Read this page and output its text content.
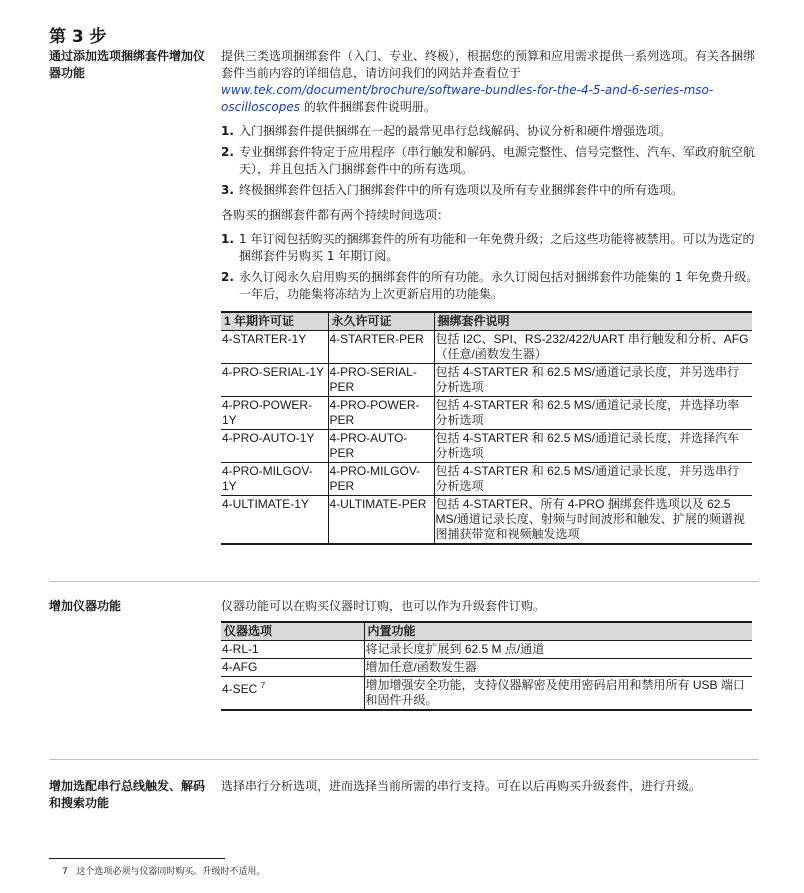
第 3 步
通过添加选项捆绑套件增加仪器功能

提供三类选项捆绑套件（入门、专业、终极），根据您的预算和应用需求提供一系列选项。有关各捆绑套件当前内容的详细信息，请访问我们的网站并查看位于 www.tek.com/document/brochure/software-bundles-for-the-4-5-and-6-series-mso-oscilloscopes 的软件捆绑套件说明册。

1. 入门捆绑套件提供捆绑在一起的最常见串行总线解码、协议分析和硬件增强选项。
2. 专业捆绑套件特定于应用程序（串行触发和解码、电源完整性、信号完整性、汽车、军政府航空航天），并且包括入门捆绑套件中的所有选项。
3. 终极捆绑套件包括入门捆绑套件中的所有选项以及所有专业捆绑套件中的所有选项。

各购买的捆绑套件都有两个持续时间选项：

1. 1 年订阅包括购买的捆绑套件的所有功能和一年免费升级；之后这些功能将被禁用。可以为选定的捆绑套件另购买 1 年期订阅。
2. 永久订阅永久启用购买的捆绑套件的所有功能。永久订阅包括对捆绑套件功能集的 1 年免费升级。一年后，功能集将冻结为上次更新启用的功能集。
1 年期许可证	永久许可证	捆绑套件说明
4-STARTER-1Y	4-STARTER-PER	包括 I2C、SPI、RS-232/422/UART 串行触发和分析、AFG（任意/函数发生器）
4-PRO-SERIAL-1Y	4-PRO-SERIAL-PER	包括 4-STARTER 和 62.5 MS/通道记录长度，并另选串行分析选项
4-PRO-POWER-1Y	4-PRO-POWER-PER	包括 4-STARTER 和 62.5 MS/通道记录长度，并选择功率分析选项
4-PRO-AUTO-1Y	4-PRO-AUTO-PER	包括 4-STARTER 和 62.5 MS/通道记录长度，并选择汽车分析选项
4-PRO-MILGOV-1Y	4-PRO-MILGOV-PER	包括 4-STARTER 和 62.5 MS/通道记录长度，并另选串行分析选项
4-ULTIMATE-1Y	4-ULTIMATE-PER	包括 4-STARTER、所有 4-PRO 捆绑套件选项以及 62.5 MS/通道记录长度、射频与时间波形和触发、扩展的频谱视图捕获带宽和视频触发选项
增加仪器功能	仪器功能可以在购买仪器时订购，也可以作为升级套件订购。

仪器选项	内置功能
4-RL-1	将记录长度扩展到 62.5 M 点/通道
4-AFG	增加任意/函数发生器
4-SEC $^7$	增加增强安全功能，支持仪器解密及使用密码启用和禁用所有 USB 端口和固件升级。
增加选配串行总线触发、解码和搜索功能

选择串行分析选项，进而选择当前所需的串行支持。可在以后再购买升级套件，进行升级。

7 这个选项必须与仪器同时购买。升级时不适用。
